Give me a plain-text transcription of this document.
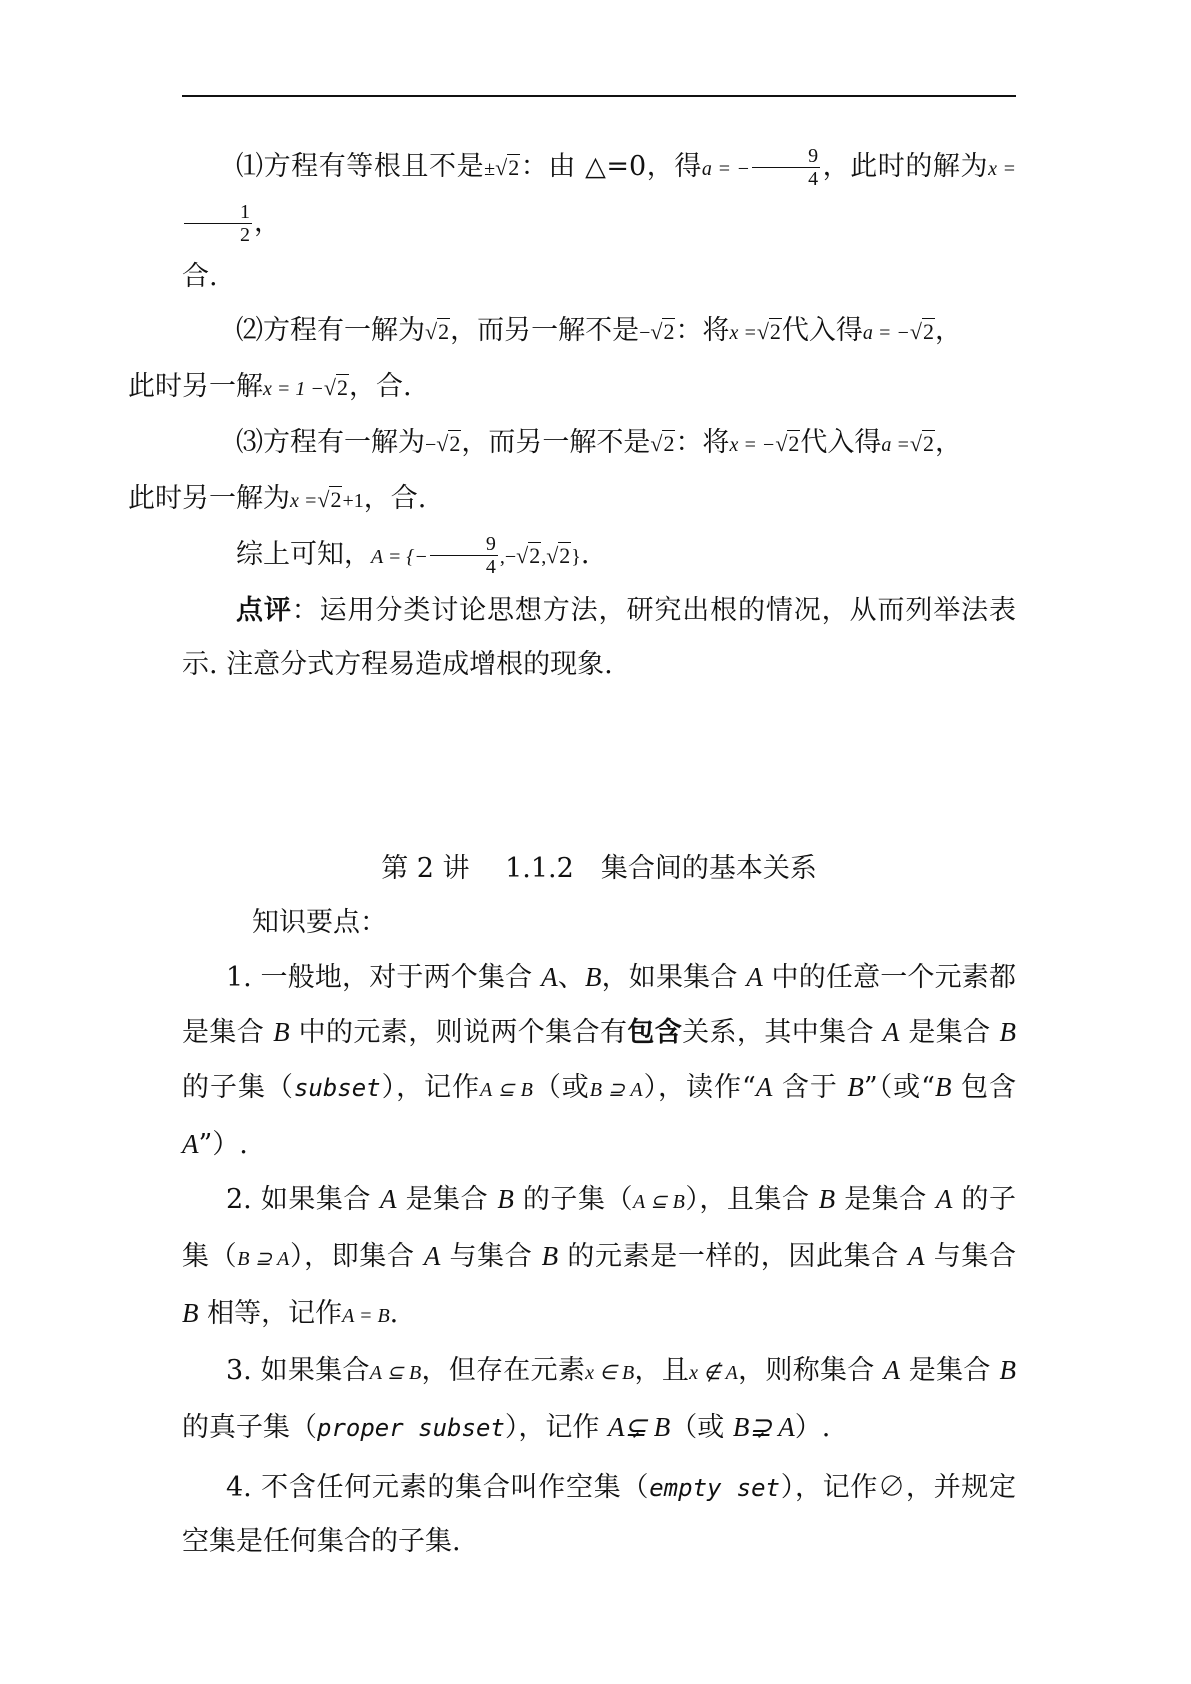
⑴方程有等根且不是±√2：由 △=0，得a = − $\frac{9}{4}$ ，此时的解为x =
$\frac{1}{2}$ ，
合.

⑵方程有一解为√2，而另一解不是−√2：将x =√2代入得a = −√2，
此时另一解x = 1 −√2，合.

⑶方程有一解为−√2，而另一解不是√2：将x = −√2代入得a =√2，
此时另一解为x =√2+1，合.

综上可知，A = {− $\frac{9}{4} ,-√2,√2$}.

点评：运用分类讨论思想方法，研究出根的情况，从而列举法表示. 注意分式方程易造成增根的现象.

第 2 讲　 1.1.2　集合间的基本关系
知识要点：

1. 一般地，对于两个集合 A、B，如果集合 A 中的任意一个元素都是集合 B 中的元素，则说两个集合有包含关系，其中集合 A 是集合 B 的子集（subset），记作A ⊆ B（或B ⊇ A），读作“A 含于 B”（或“B 包含 A”）.

2. 如果集合 A 是集合 B 的子集（A ⊆ B），且集合 B 是集合 A 的子集（B ⊇ A），即集合 A 与集合 B 的元素是一样的，因此集合 A 与集合 B 相等，记作A = B.

3. 如果集合A ⊆ B，但存在元素x ∈ B，且x ∉ A，则称集合 A 是集合 B 的真子集（proper subset），记作 A⊊ B（或 B⊋ A）.

4. 不含任何元素的集合叫作空集（empty set），记作∅，并规定空集是任何集合的子集.
